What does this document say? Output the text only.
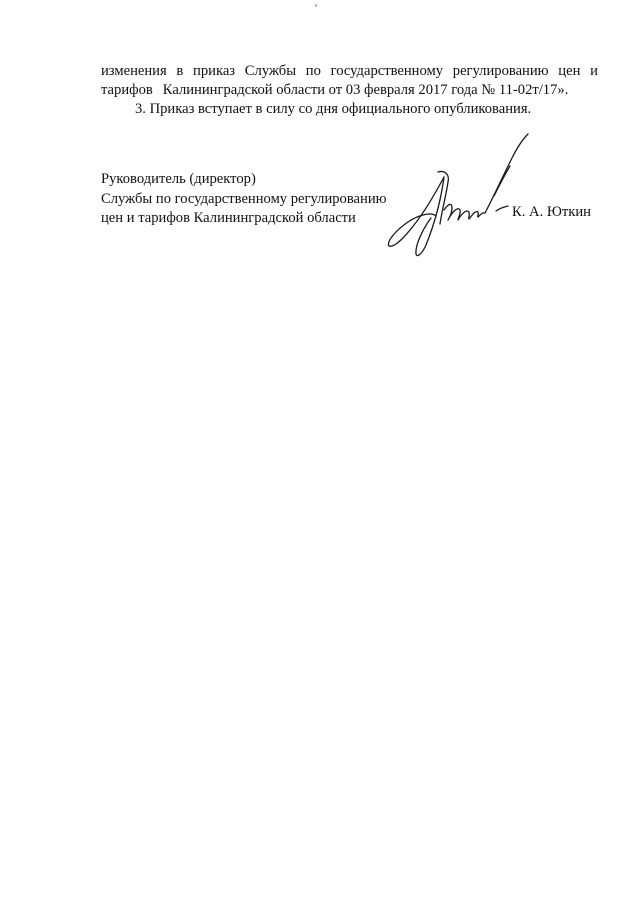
изменения в приказ Службы по государственному регулированию цен и
тарифов Калининградской области от 03 февраля 2017 года № 11-02т/17».

3. Приказ вступает в силу со дня официального опубликования.

Руководитель (директор)
Службы по государственному регулированию
цен и тарифов Калининградской области	К. А. Юткин
